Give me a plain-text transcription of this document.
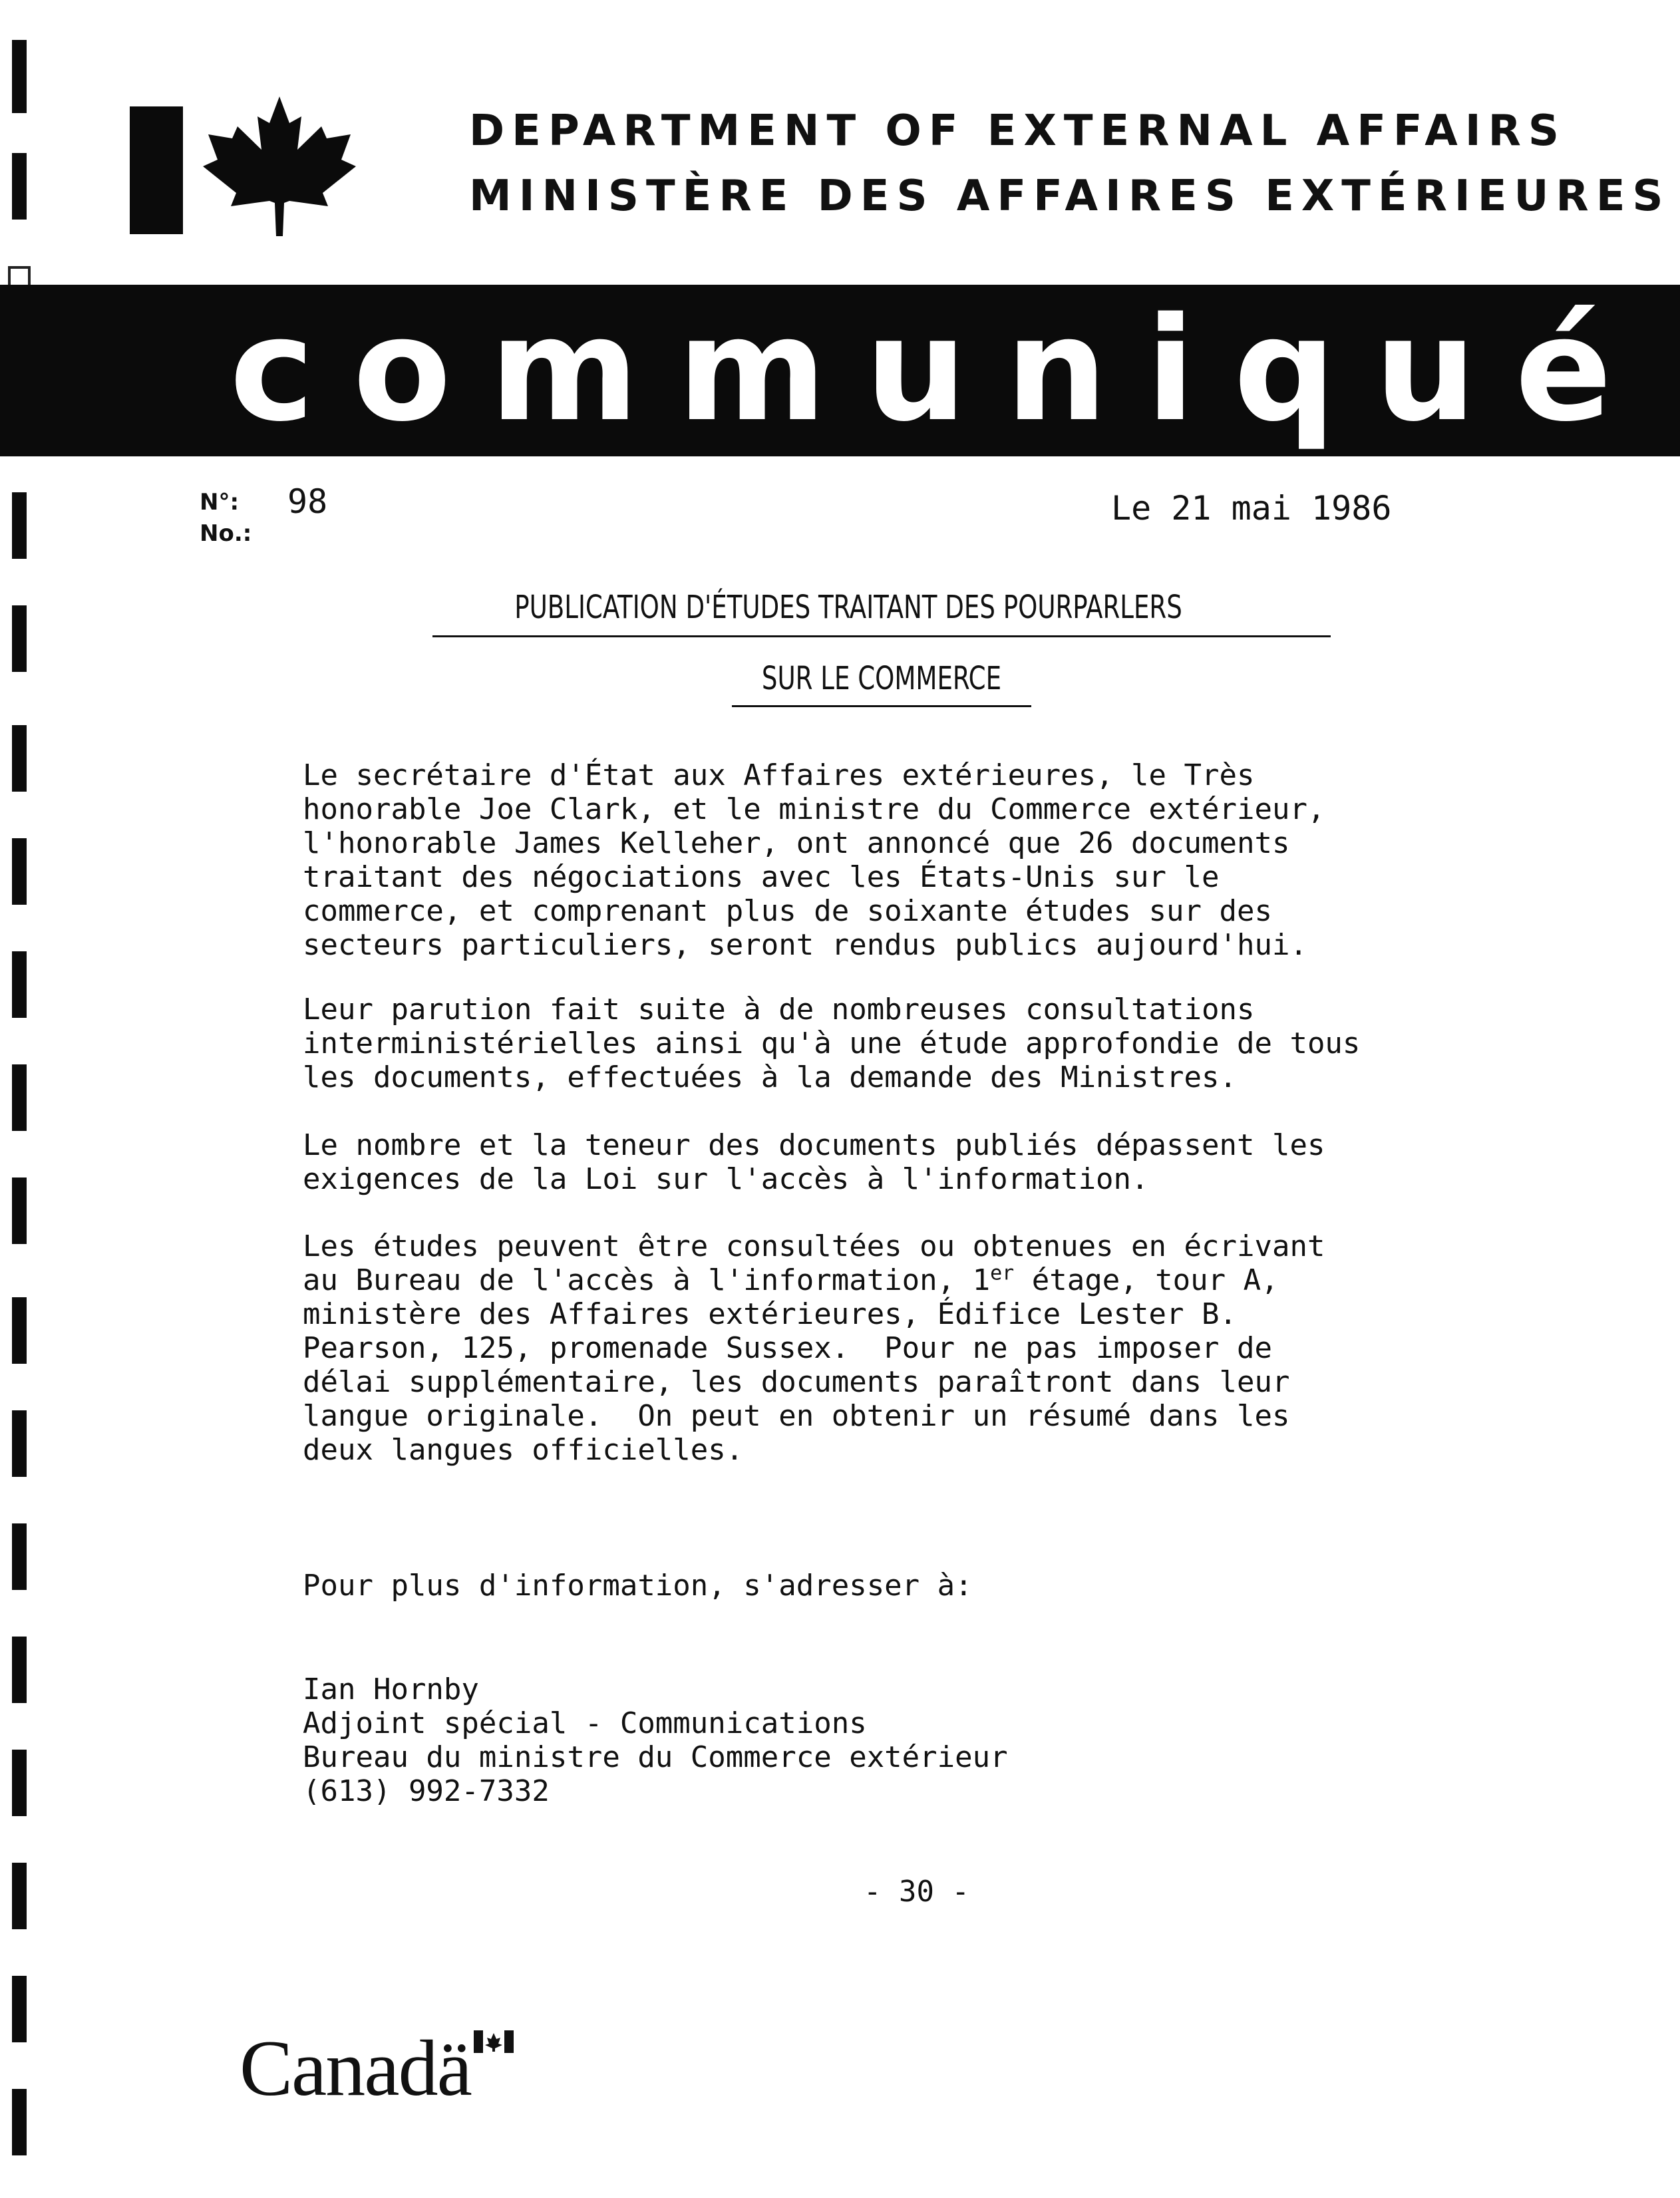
DEPARTMENT OF EXTERNAL AFFAIRS
MINISTÈRE DES AFFAIRES EXTÉRIEURES
communiqué
N°:
No.:
98	Le 21 mai 1986
PUBLICATION D'ÉTUDES TRAITANT DES POURPARLERS
SUR LE COMMERCE
Le secrétaire d'État aux Affaires extérieures, le Très
honorable Joe Clark, et le ministre du Commerce extérieur,
l'honorable James Kelleher, ont annoncé que 26 documents
traitant des négociations avec les États-Unis sur le
commerce, et comprenant plus de soixante études sur des
secteurs particuliers, seront rendus publics aujourd'hui.
Leur parution fait suite à de nombreuses consultations
interministérielles ainsi qu'à une étude approfondie de tous
les documents, effectuées à la demande des Ministres.
Le nombre et la teneur des documents publiés dépassent les
exigences de la Loi sur l'accès à l'information.
Les études peuvent être consultées ou obtenues en écrivant
au Bureau de l'accès à l'information, 1er étage, tour A,
ministère des Affaires extérieures, Édifice Lester B.
Pearson, 125, promenade Sussex.  Pour ne pas imposer de
délai supplémentaire, les documents paraîtront dans leur
langue originale.  On peut en obtenir un résumé dans les
deux langues officielles.
Pour plus d'information, s'adresser à:
Ian Hornby
Adjoint spécial - Communications
Bureau du ministre du Commerce extérieur
(613) 992-7332
- 30 -
Canadä
